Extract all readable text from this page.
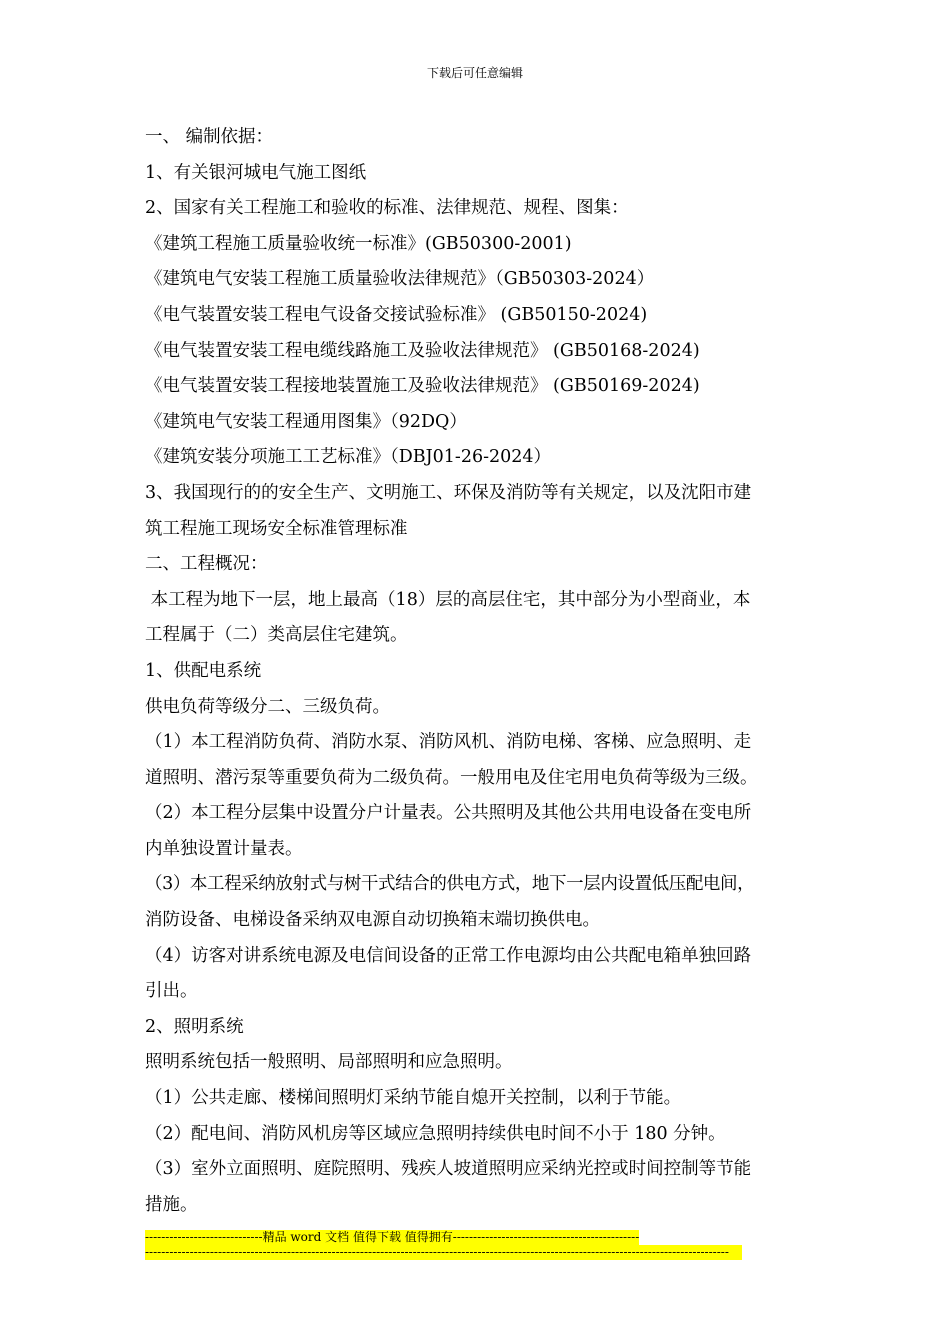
下载后可任意编辑
一、 编制依据：
1、有关银河城电气施工图纸
2、国家有关工程施工和验收的标准、法律规范、规程、图集：
《建筑工程施工质量验收统一标准》(GB50300-2001)
《建筑电气安装工程施工质量验收法律规范》（GB50303-2024）
《电气装置安装工程电气设备交接试验标准》 (GB50150-2024)
《电气装置安装工程电缆线路施工及验收法律规范》 (GB50168-2024)
《电气装置安装工程接地装置施工及验收法律规范》 (GB50169-2024)
《建筑电气安装工程通用图集》（92DQ）
《建筑安装分项施工工艺标准》（DBJ01-26-2024）
3、我国现行的的安全生产、文明施工、环保及消防等有关规定，以及沈阳市建
筑工程施工现场安全标准管理标准
二、工程概况：
本工程为地下一层，地上最高（18）层的高层住宅，其中部分为小型商业，本
工程属于（二）类高层住宅建筑。
1、供配电系统
供电负荷等级分二、三级负荷。
（1）本工程消防负荷、消防水泵、消防风机、消防电梯、客梯、应急照明、走
道照明、潜污泵等重要负荷为二级负荷。一般用电及住宅用电负荷等级为三级。
（2）本工程分层集中设置分户计量表。公共照明及其他公共用电设备在变电所
内单独设置计量表。
（3）本工程采纳放射式与树干式结合的供电方式，地下一层内设置低压配电间，
消防设备、电梯设备采纳双电源自动切换箱末端切换供电。
（4）访客对讲系统电源及电信间设备的正常工作电源均由公共配电箱单独回路
引出。
2、照明系统
照明系统包括一般照明、局部照明和应急照明。
（1）公共走廊、楼梯间照明灯采纳节能自熄开关控制，以利于节能。
（2）配电间、消防风机房等区域应急照明持续供电时间不小于 180 分钟。
（3）室外立面照明、庭院照明、残疾人坡道照明应采纳光控或时间控制等节能
措施。
-----------------------------精品 word 文档 值得下载 值得拥有----------------------------------------------
------------------------------------------------------------------------------------------------------------------------------------------------
